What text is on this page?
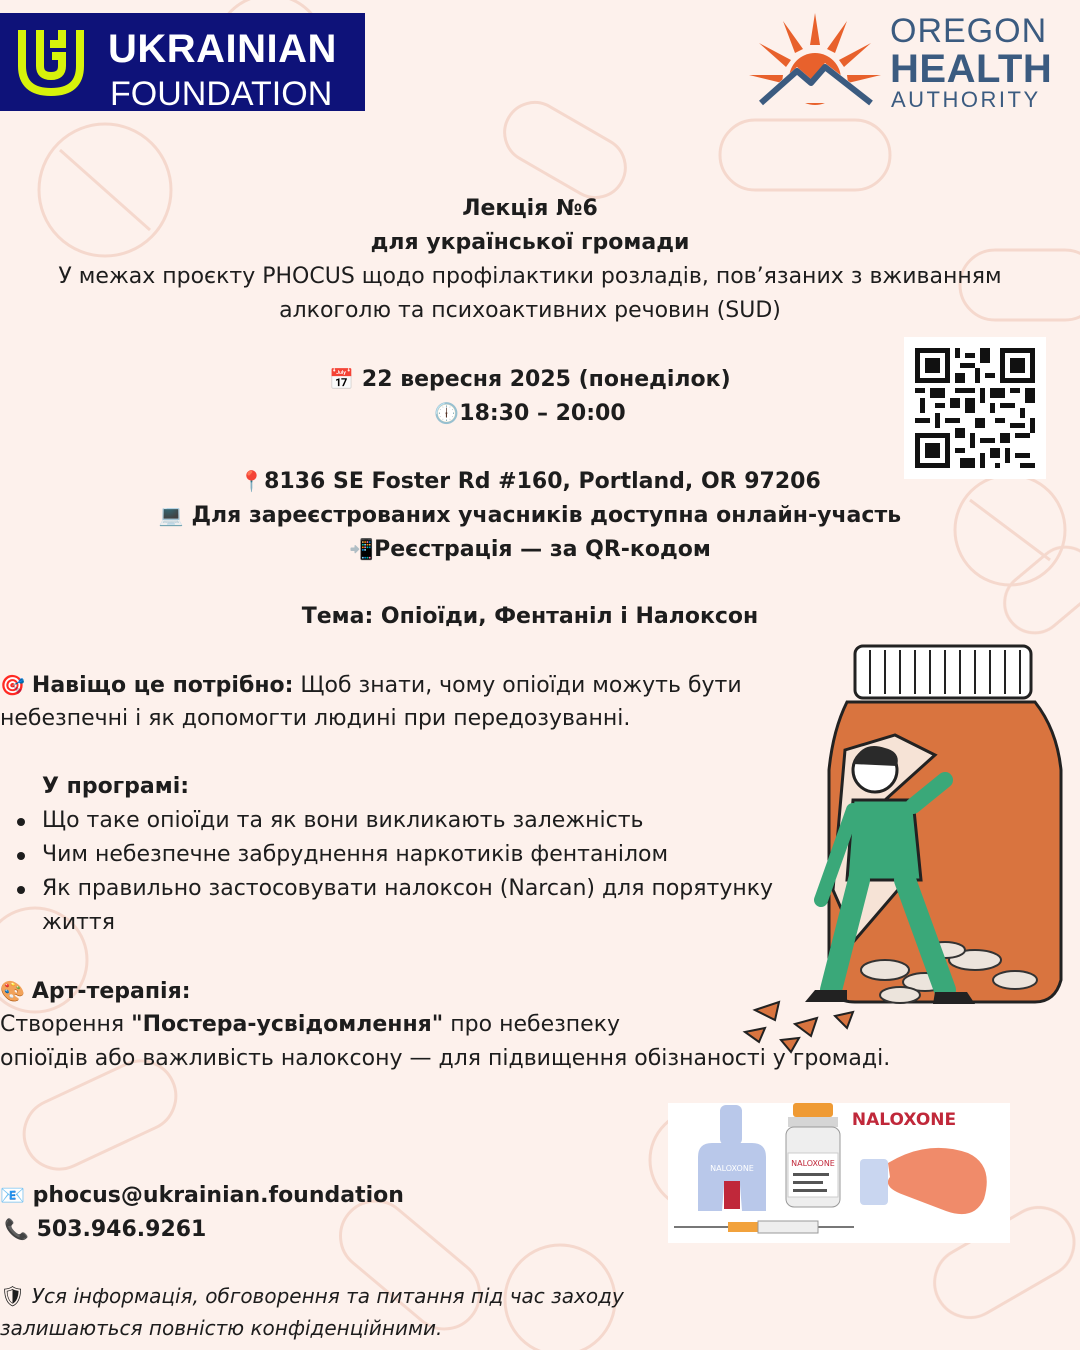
UKRAINIAN
FOUNDATION
OREGON
HEALTH
AUTHORITY
Лекція №6
для української громади
У межах проєкту PHOCUS щодо профілактики розладів, пов’язаних з вживанням
алкоголю та психоактивних речовин (SUD)
📅 22 вересня 2025 (понеділок)
🕕18:30 – 20:00
📍8136 SE Foster Rd #160, Portland, OR 97206
💻 Для зареєстрованих учасників доступна онлайн-участь
📲Реєстрація — за QR-кодом
Тема: Опіоїди, Фентаніл і Налоксон
🎯 Навіщо це потрібно: Щоб знати, чому опіоїди можуть бути
небезпечні і як допомогти людині при передозуванні.
У програмі:
Що таке опіоїди та як вони викликають залежність
Чим небезпечне забруднення наркотиків фентанілом
Як правильно застосовувати налоксон (Narcan) для порятунку
життя
🎨 Арт-терапія:
Створення "Постера-усвідомлення" про небезпеку
опіоїдів або важливість налоксону — для підвищення обізнаності у громаді.
NALOXONE
NALOXONE
NALOXONE
📧 phocus@ukrainian.foundation
📞 503.946.9261
🛡 Уся інформація, обговорення та питання під час заходу
залишаються повністю конфіденційними.
